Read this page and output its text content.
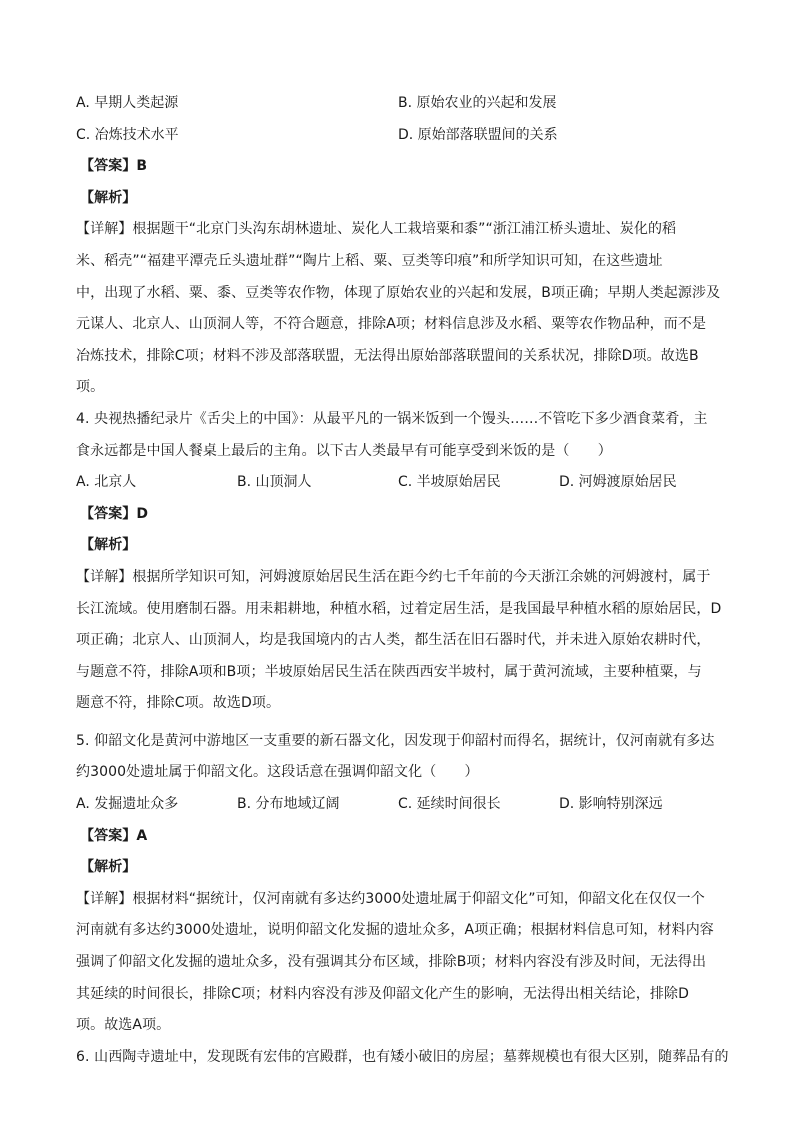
A. 早期人类起源	B. 原始农业的兴起和发展
C. 冶炼技术水平	D. 原始部落联盟间的关系
【答案】B
【解析】
【详解】根据题干“北京门头沟东胡林遗址、炭化人工栽培粟和黍”“浙江浦江桥头遗址、炭化的稻
米、稻壳”“福建平潭壳丘头遗址群”“陶片上稻、粟、豆类等印痕”和所学知识可知，在这些遗址
中，出现了水稻、粟、黍、豆类等农作物，体现了原始农业的兴起和发展，B项正确；早期人类起源涉及
元谋人、北京人、山顶洞人等，不符合题意，排除A项；材料信息涉及水稻、粟等农作物品种，而不是
冶炼技术，排除C项；材料不涉及部落联盟，无法得出原始部落联盟间的关系状况，排除D项。故选B
项。
4. 央视热播纪录片《舌尖上的中国》：从最平凡的一锅米饭到一个馒头……不管吃下多少酒食菜肴，主
食永远都是中国人餐桌上最后的主角。以下古人类最早有可能享受到米饭的是（　　）
A. 北京人	B. 山顶洞人	C. 半坡原始居民	D. 河姆渡原始居民
【答案】D
【解析】
【详解】根据所学知识可知，河姆渡原始居民生活在距今约七千年前的今天浙江余姚的河姆渡村，属于
长江流域。使用磨制石器。用耒耜耕地，种植水稻，过着定居生活，是我国最早种植水稻的原始居民，D
项正确；北京人、山顶洞人，均是我国境内的古人类，都生活在旧石器时代，并未进入原始农耕时代，
与题意不符，排除A项和B项；半坡原始居民生活在陕西西安半坡村，属于黄河流域，主要种植粟，与
题意不符，排除C项。故选D项。
5. 仰韶文化是黄河中游地区一支重要的新石器文化，因发现于仰韶村而得名，据统计，仅河南就有多达
约3000处遗址属于仰韶文化。这段话意在强调仰韶文化（　　）
A. 发掘遗址众多	B. 分布地域辽阔	C. 延续时间很长	D. 影响特别深远
【答案】A
【解析】
【详解】根据材料“据统计，仅河南就有多达约3000处遗址属于仰韶文化”可知，仰韶文化在仅仅一个
河南就有多达约3000处遗址，说明仰韶文化发掘的遗址众多，A项正确；根据材料信息可知，材料内容
强调了仰韶文化发掘的遗址众多，没有强调其分布区域，排除B项；材料内容没有涉及时间，无法得出
其延续的时间很长，排除C项；材料内容没有涉及仰韶文化产生的影响，无法得出相关结论，排除D
项。故选A项。
6. 山西陶寺遗址中，发现既有宏伟的宫殿群，也有矮小破旧的房屋；墓葬规模也有很大区别，随葬品有的
